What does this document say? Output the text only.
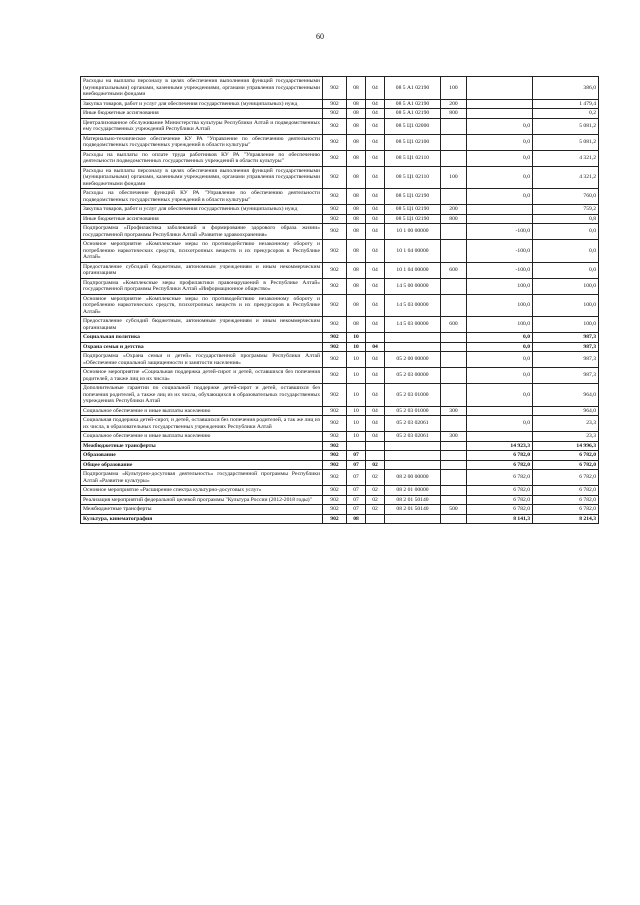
60
Расходы на выплаты персоналу в целях обеспечения выполнения функций государственными (муниципальными) органами, казенными учреждениями, органами управления государственными внебюджетными фондами	902	08	04	08 5 А1 02190	100		386,0
Закупка товаров, работ и услуг для обеспечения государственных (муниципальных) нужд	902	08	04	08 5 А1 02190	200		1 479,4
Иные бюджетные ассигнования	902	08	04	08 5 А1 02190	800		0,2
Централизованное обслуживание Министерства культуры Республики Алтай и подведомственных ему государственных учреждений Республики Алтай	902	08	04	08 5 Ц1 02000		0,0	5 081,2
Материально-техническое обеспечение КУ РА "Управление по обеспечению деятельности подведомственных государственных учреждений в области культуры"	902	08	04	08 5 Ц1 02100		0,0	5 081,2
Расходы на выплаты по оплате труда работников КУ РА "Управление по обеспечению деятельности подведомственных государственных учреждений в области культуры"	902	08	04	08 5 Ц1 02110		0,0	4 321,2
Расходы на выплаты персоналу в целях обеспечения выполнения функций государственными (муниципальными) органами, казенными учреждениями, органами управления государственными внебюджетными фондами	902	08	04	08 5 Ц1 02110	100	0,0	4 321,2
Расходы на обеспечение функций КУ РА "Управление по обеспечению деятельности подведомственных государственных учреждений в области культуры"	902	08	04	08 5 Ц1 02190		0,0	760,0
Закупка товаров, работ и услуг для обеспечения государственных (муниципальных) нужд	902	08	04	08 5 Ц1 02190	200		759,2
Иные бюджетные ассигнования	902	08	04	08 5 Ц1 02190	800		0,8
Подпрограмма «Профилактика заболеваний и формирование здорового образа жизни» государственной программы Республики Алтай «Развитие здравоохранения»	902	08	04	10 1 00 00000		-100,0	0,0
Основное мероприятие «Комплексные меры по противодействию незаконному обороту и потреблению наркотических средств, психотропных веществ и их прекурсоров в Республике Алтай»	902	08	04	10 1 04 00000		-100,0	0,0
Предоставление субсидий бюджетным, автономным учреждениям и иным некоммерческим организациям	902	08	04	10 1 04 00000	600	-100,0	0,0
Подпрограмма «Комплексные меры профилактики правонарушений в Республике Алтай» государственной программы Республики Алтай «Информационное общество»	902	08	04	14 5 00 00000		100,0	100,0
Основное мероприятие «Комплексные меры по противодействию незаконному обороту и потреблению наркотических средств, психотропных веществ и их прекурсоров в Республике Алтай»	902	08	04	14 5 03 00000		100,0	100,0
Предоставление субсидий бюджетным, автономным учреждениям и иным некоммерческим организациям	902	08	04	14 5 03 00000	600	100,0	100,0
Социальная политика	902	10				0,0	987,3
Охрана семьи и детства	902	10	04			0,0	987,3
Подпрограмма «Охрана семьи и детей» государственной программы Республики Алтай «Обеспечение социальной защищенности и занятости населения»	902	10	04	05 2 00 00000		0,0	987,3
Основное мероприятие «Социальная поддержка детей-сирот и детей, оставшихся без попечения родителей, а также лиц из их числа»	902	10	04	05 2 03 00000		0,0	987,3
Дополнительные гарантии по социальной поддержке детей-сирот и детей, оставшихся без попечения родителей, а также лиц из их числа, обучающихся в образовательных государственных учреждениях Республики Алтай	902	10	04	05 2 03 01000		0,0	964,0
Социальное обеспечение и иные выплаты населению	902	10	04	05 2 03 01000	300		964,0
Социальная поддержка детей-сирот, и детей, оставшихся без попечения родителей, а так же лиц из их числа, в образовательных государственных учреждениях Республики Алтай	902	10	04	05 2 03 02061		0,0	23,3
Социальное обеспечение и иные выплаты населению	902	10	04	05 2 03 02061	300		23,3
Межбюджетные трансферты	902					14 923,3	14 996,3
Образование	902	07				6 782,0	6 782,0
Общее образование	902	07	02			6 782,0	6 782,0
Подпрограмма «Культурно-досуговая деятельность» государственной программы Республики Алтай «Развитие культуры»	902	07	02	08 2 00 00000		6 782,0	6 782,0
Основное мероприятие «Расширение спектра культурно-досуговых услуг»	902	07	02	08 2 01 00000		6 782,0	6 782,0
Реализация мероприятий федеральной целевой программы "Культура России (2012-2018 годы)"	902	07	02	08 2 01 50140		6 782,0	6 782,0
Межбюджетные трансферты	902	07	02	08 2 01 50140	500	6 782,0	6 782,0
Культура, кинематография	902	08				8 141,3	8 214,3
